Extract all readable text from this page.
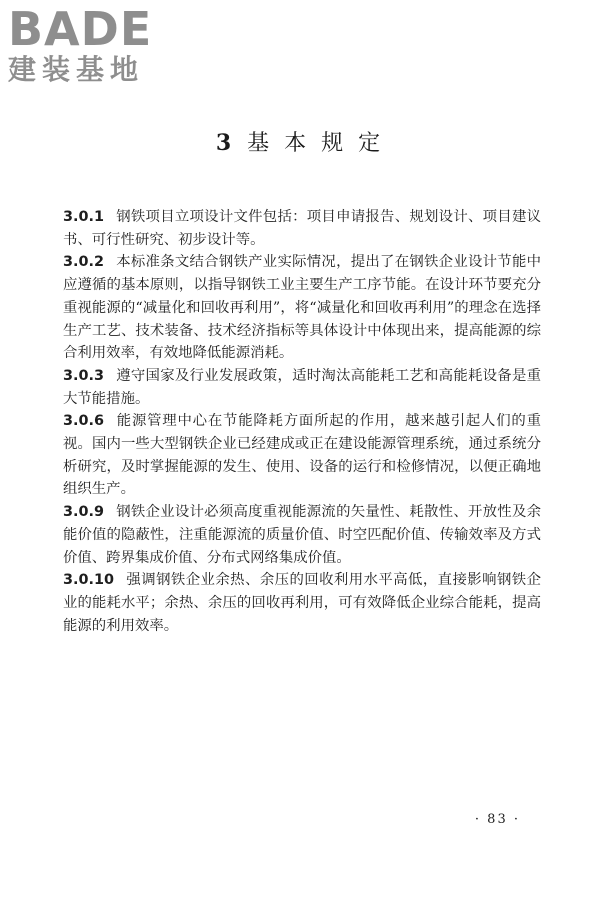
BADE
建装基地
3 基 本 规 定

3.0.1 钢铁项目立项设计文件包括：项目申请报告、规划设计、项目建议书、可行性研究、初步设计等。

3.0.2 本标准条文结合钢铁产业实际情况，提出了在钢铁企业设计节能中应遵循的基本原则，以指导钢铁工业主要生产工序节能。在设计环节要充分重视能源的“减量化和回收再利用”，将“减量化和回收再利用”的理念在选择生产工艺、技术装备、技术经济指标等具体设计中体现出来，提高能源的综合利用效率，有效地降低能源消耗。

3.0.3 遵守国家及行业发展政策，适时淘汰高能耗工艺和高能耗设备是重大节能措施。

3.0.6 能源管理中心在节能降耗方面所起的作用，越来越引起人们的重视。国内一些大型钢铁企业已经建成或正在建设能源管理系统，通过系统分析研究，及时掌握能源的发生、使用、设备的运行和检修情况，以便正确地组织生产。

3.0.9 钢铁企业设计必须高度重视能源流的矢量性、耗散性、开放性及余能价值的隐蔽性，注重能源流的质量价值、时空匹配价值、传输效率及方式价值、跨界集成价值、分布式网络集成价值。

3.0.10 强调钢铁企业余热、余压的回收利用水平高低，直接影响钢铁企业的能耗水平；余热、余压的回收再利用，可有效降低企业综合能耗，提高能源的利用效率。

· 83 ·
